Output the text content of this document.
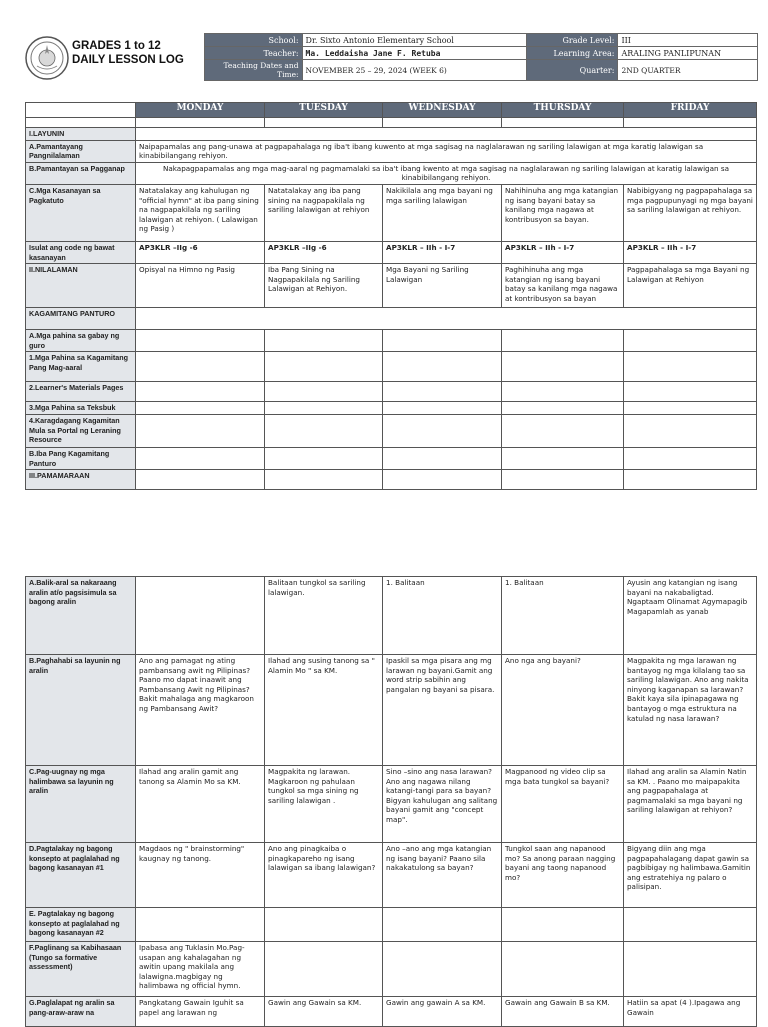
GRADES 1 to 12
DAILY LESSON LOG
School:	Dr. Sixto Antonio Elementary School	Grade Level:	III
Teacher:	Ma. Leddaisha Jane F. Retuba	Learning Area:	ARALING PANLIPUNAN
Teaching Dates and Time:	NOVEMBER 25 – 29, 2024 (WEEK 6)	Quarter:	2ND QUARTER
	MONDAY	TUESDAY	WEDNESDAY	THURSDAY	FRIDAY

I.LAYUNIN					
A.Pamantayang Pangnilalaman	Naipapamalas ang pang-unawa at pagpapahalaga ng iba't ibang kuwento at mga sagisag na naglalarawan ng sariling lalawigan at mga karatig lalawigan sa kinabibilangang rehiyon.				
B.Pamantayan sa Pagganap	Nakapagpapamalas ang mga mag-aaral ng pagmamalaki sa iba't ibang kwento at mga sagisag na naglalarawan ng sariling lalawigan at karatig lalawigan sa kinabibilangang rehiyon.				
C.Mga Kasanayan sa Pagkatuto	Natatalakay ang kahulugan ng "official hymn" at iba pang sining na nagpapakilala ng sariling lalawigan at rehiyon. ( Lalawigan ng Pasig )	Natatalakay ang iba pang sining na nagpapakilala ng sariling lalawigan at rehiyon	Nakikilala ang mga bayani ng mga sariling lalawigan	Nahihinuha ang mga katangian ng isang bayani batay sa kanilang mga nagawa at kontribusyon sa bayan.	Nabibigyang ng pagpapahalaga sa mga pagpupunyagi ng mga bayani sa sariling lalawigan at rehiyon.
Isulat ang code ng bawat kasanayan	AP3KLR –IIg -6	AP3KLR –IIg -6	AP3KLR – IIh - I-7	AP3KLR – IIh - I-7	AP3KLR – IIh - I-7
II.NILALAMAN	Opisyal na Himno ng Pasig	Iba Pang Sining na Nagpapakilala ng Sariling Lalawigan at Rehiyon.	Mga Bayani ng Sariling Lalawigan	Paghihinuha ang mga katangian ng isang bayani batay sa kanilang mga nagawa at kontribusyon sa bayan	Pagpapahalaga sa mga Bayani ng Lalawigan at Rehiyon
KAGAMITANG PANTURO					
A.Mga pahina sa gabay ng guro					
1.Mga Pahina sa Kagamitang Pang Mag-aaral					
2.Learner's Materials Pages					
3.Mga Pahina sa Teksbuk					
4.Karagdagang Kagamitan Mula sa Portal ng Leraning Resource					
B.Iba Pang Kagamitang Panturo					
III.PAMAMARAAN					
A.Balik-aral sa nakaraang aralin at/o pagsisimula sa bagong aralin		Balitaan tungkol sa sariling lalawigan.	1. Balitaan	1. Balitaan	Ayusin ang katangian ng isang bayani na nakabaligtad. Ngaptaam Olinamat Agymapagib Magapamlah as yanab
B.Paghahabi sa layunin ng aralin	Ano ang pamagat ng ating pambansang awit ng Pilipinas? Paano mo dapat inaawit ang Pambansang Awit ng Pilipinas? Bakit mahalaga ang magkaroon ng Pambansang Awit?	Ilahad ang susing tanong sa " Alamin Mo " sa KM.	Ipaskil sa mga pisara ang mg larawan ng bayani.Gamit ang word strip sabihin ang pangalan ng bayani sa pisara.	Ano nga ang bayani?	Magpakita ng mga larawan ng bantayog ng mga kilalang tao sa sariling lalawigan. Ano ang nakita ninyong kaganapan sa larawan? Bakit kaya sila ipinapagawa ng bantayog o mga estruktura na katulad ng nasa larawan?
C.Pag-uugnay ng mga halimbawa sa layunin ng aralin	Ilahad ang aralin gamit ang tanong sa Alamin Mo sa KM.	Magpakita ng larawan. Magkaroon ng pahulaan tungkol sa mga sining ng sariling lalawigan .	Sino –sino ang nasa larawan? Ano ang nagawa nilang katangi-tangi para sa bayan? Bigyan kahulugan ang salitang bayani gamit ang "concept map".	Magpanood ng video clip sa mga bata tungkol sa bayani?	Ilahad ang aralin sa Alamin Natin sa KM. . Paano mo maipapakita ang pagpapahalaga at pagmamalaki sa mga bayani ng sariling lalawigan at rehiyon?
D.Pagtalakay ng bagong konsepto at paglalahad ng bagong kasanayan #1	Magdaos ng " brainstorming" kaugnay ng tanong.	Ano ang pinagkaiba o pinagkapareho ng isang lalawigan sa ibang lalawigan?	Ano –ano ang mga katangian ng isang bayani? Paano sila nakakatulong sa bayan?	Tungkol saan ang napanood mo? Sa anong paraan nagging bayani ang taong napanood mo?	Bigyang diin ang mga pagpapahalagang dapat gawin sa pagbibigay ng halimbawa.Gamitin ang estratehiya ng palaro o palisipan.
E. Pagtalakay ng bagong konsepto at paglalahad ng bagong kasanayan #2					
F.Paglinang sa Kabihasaan (Tungo sa formative assessment)	Ipabasa ang Tuklasin Mo.Pag-usapan ang kahalagahan ng awitin upang makilala ang lalawigna.magbigay ng halimbawa ng official hymn.				
G.Paglalapat ng aralin sa pang-araw-araw na	Pangkatang Gawain Iguhit sa papel ang larawan ng	Gawin ang Gawain sa KM.	Gawin ang gawain A sa KM.	Gawain ang Gawain B sa KM.	Hatiin sa apat (4 ).Ipagawa ang Gawain
